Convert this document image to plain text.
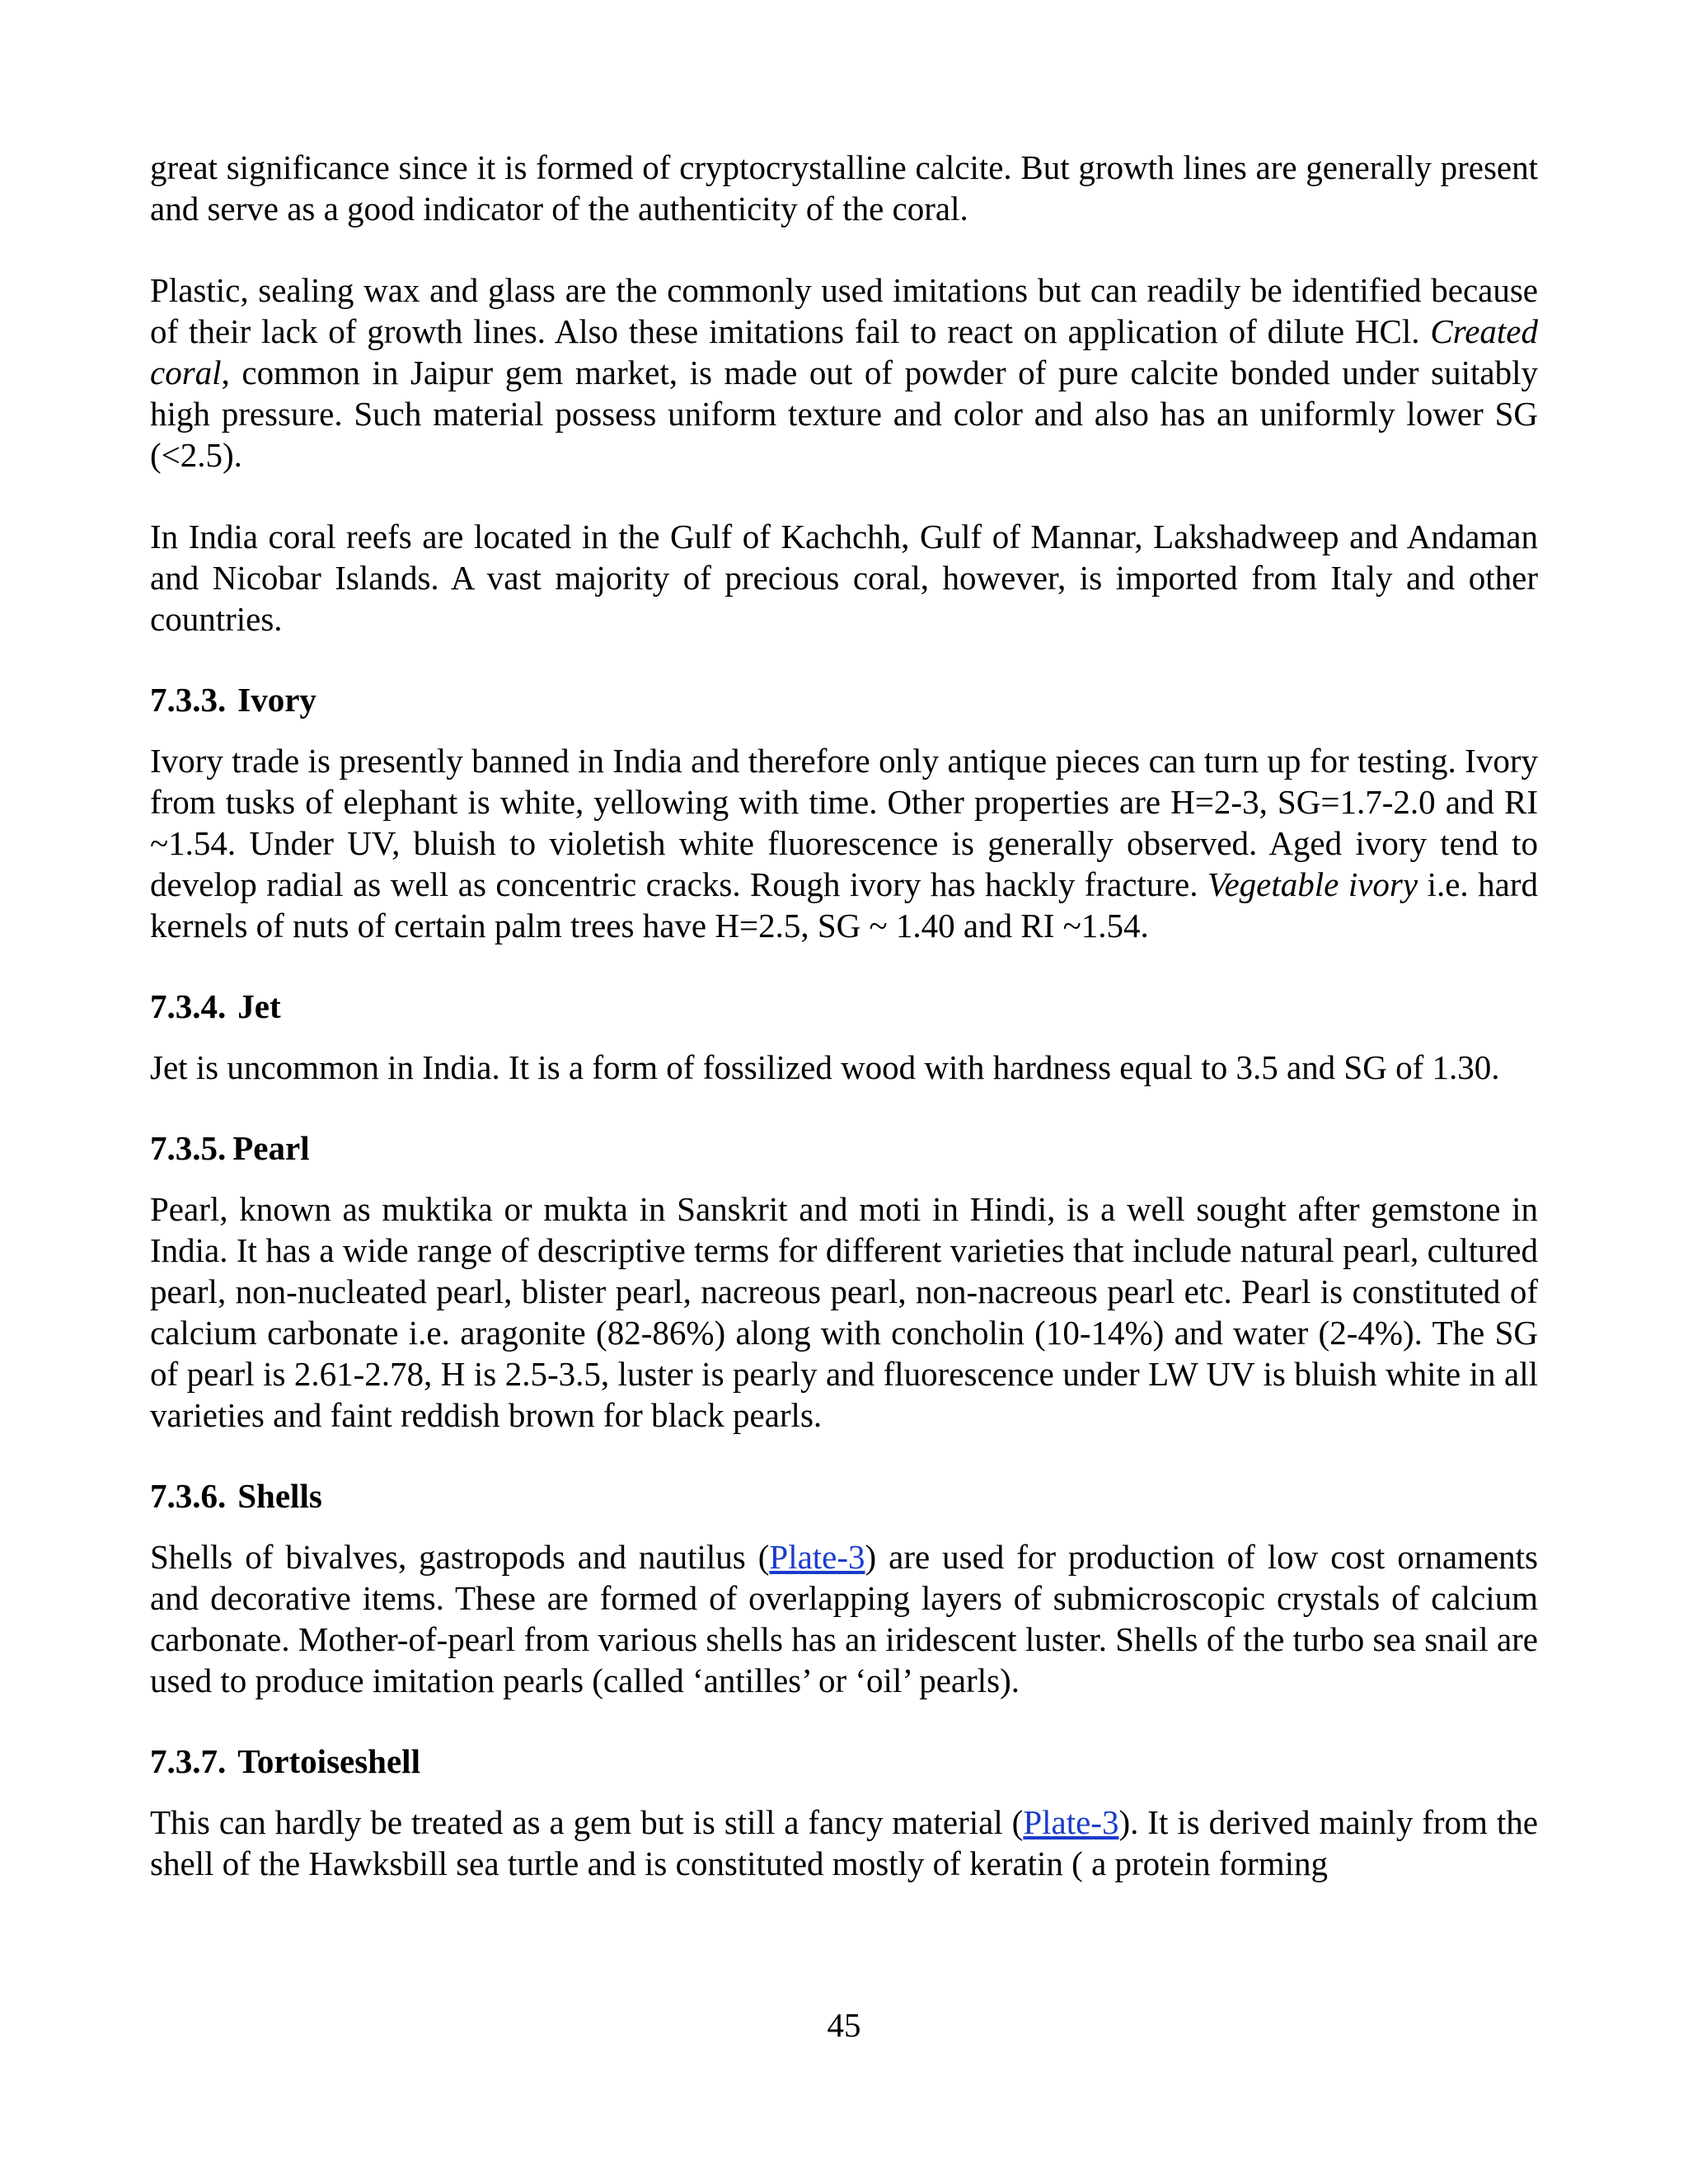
great significance since it is formed of cryptocrystalline calcite. But growth lines are generally present and serve as a good indicator of the authenticity of the coral.

Plastic, sealing wax and glass are the commonly used imitations but can readily be identified because of their lack of growth lines. Also these imitations fail to react on application of dilute HCl. Created coral, common in Jaipur gem market, is made out of powder of pure calcite bonded under suitably high pressure. Such material possess uniform texture and color and also has an uniformly lower SG (<2.5).

In India coral reefs are located in the Gulf of Kachchh, Gulf of Mannar, Lakshadweep and Andaman and Nicobar Islands. A vast majority of precious coral, however, is imported from Italy and other countries.

7.3.3. Ivory

Ivory trade is presently banned in India and therefore only antique pieces can turn up for testing. Ivory from tusks of elephant is white, yellowing with time. Other properties are H=2-3, SG=1.7-2.0 and RI ~1.54. Under UV, bluish to violetish white fluorescence is generally observed. Aged ivory tend to develop radial as well as concentric cracks. Rough ivory has hackly fracture. Vegetable ivory i.e. hard kernels of nuts of certain palm trees have H=2.5, SG ~ 1.40 and RI ~1.54.

7.3.4. Jet

Jet is uncommon in India. It is a form of fossilized wood with hardness equal to 3.5 and SG of 1.30.

7.3.5. Pearl

Pearl, known as muktika or mukta in Sanskrit and moti in Hindi, is a well sought after gemstone in India. It has a wide range of descriptive terms for different varieties that include natural pearl, cultured pearl, non-nucleated pearl, blister pearl, nacreous pearl, non-nacreous pearl etc. Pearl is constituted of calcium carbonate i.e. aragonite (82-86%) along with concholin (10-14%) and water (2-4%). The SG of pearl is 2.61-2.78, H is 2.5-3.5, luster is pearly and fluorescence under LW UV is bluish white in all varieties and faint reddish brown for black pearls.

7.3.6. Shells

Shells of bivalves, gastropods and nautilus (Plate-3) are used for production of low cost ornaments and decorative items. These are formed of overlapping layers of submicroscopic crystals of calcium carbonate. Mother-of-pearl from various shells has an iridescent luster. Shells of the turbo sea snail are used to produce imitation pearls (called ‘antilles’ or ‘oil’ pearls).

7.3.7. Tortoiseshell

This can hardly be treated as a gem but is still a fancy material (Plate-3). It is derived mainly from the shell of the Hawksbill sea turtle and is constituted mostly of keratin ( a protein forming

45
